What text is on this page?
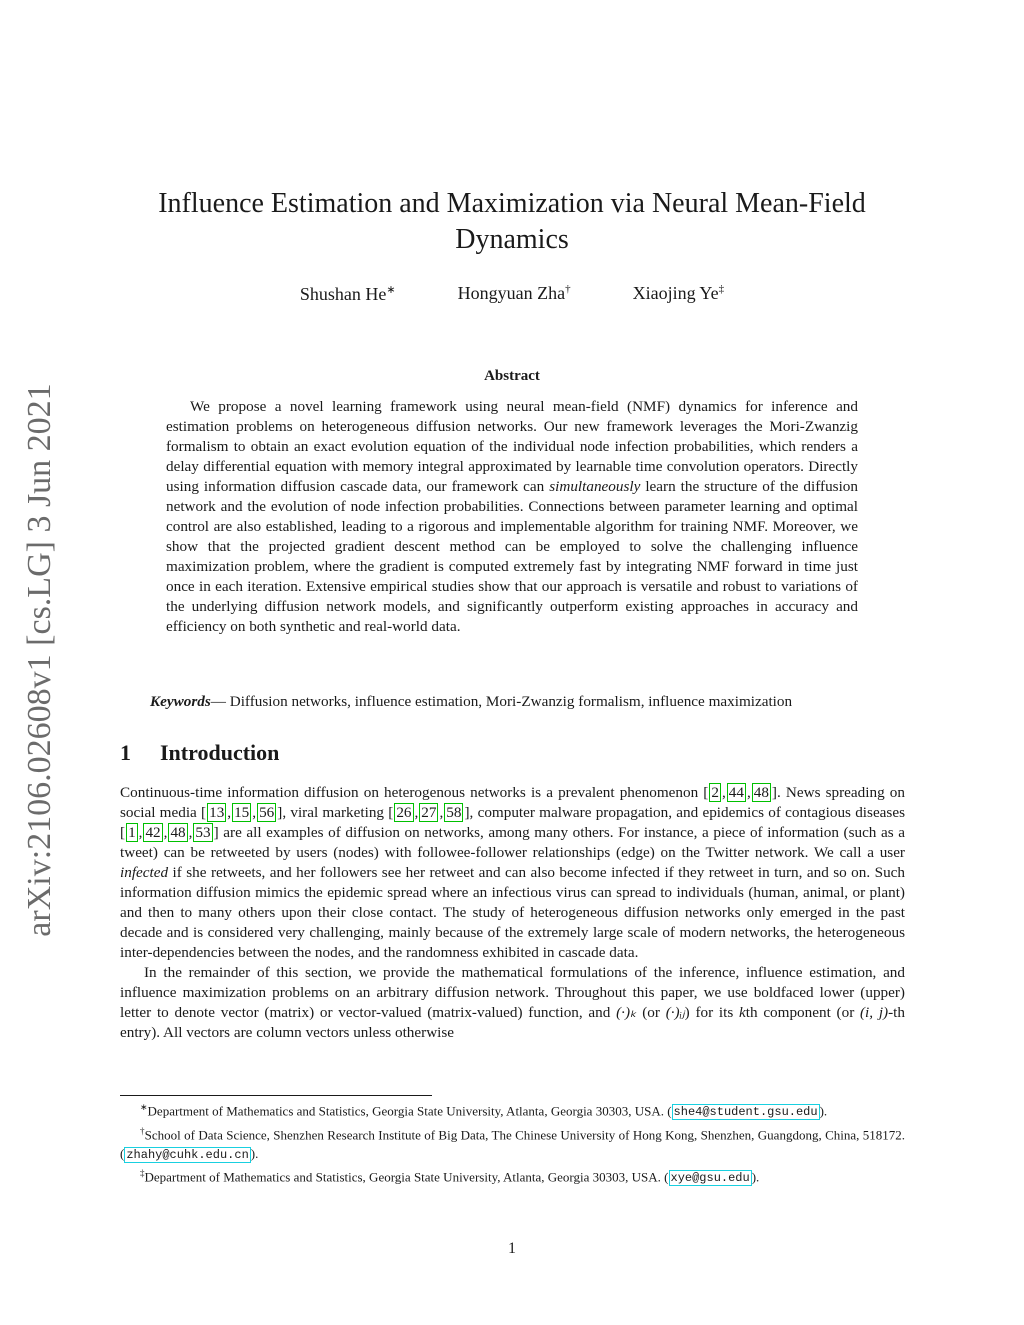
arXiv:2106.02608v1 [cs.LG] 3 Jun 2021
Influence Estimation and Maximization via Neural Mean-Field Dynamics
Shushan He∗	Hongyuan Zha†	Xiaojing Ye‡
Abstract
We propose a novel learning framework using neural mean-field (NMF) dynamics for inference and estimation problems on heterogeneous diffusion networks. Our new framework leverages the Mori-Zwanzig formalism to obtain an exact evolution equation of the individual node infection probabilities, which renders a delay differential equation with memory integral approximated by learnable time convolution operators. Directly using information diffusion cascade data, our framework can simultaneously learn the structure of the diffusion network and the evolution of node infection probabilities. Connections between parameter learning and optimal control are also established, leading to a rigorous and implementable algorithm for training NMF. Moreover, we show that the projected gradient descent method can be employed to solve the challenging influence maximization problem, where the gradient is computed extremely fast by integrating NMF forward in time just once in each iteration. Extensive empirical studies show that our approach is versatile and robust to variations of the underlying diffusion network models, and significantly outperform existing approaches in accuracy and efficiency on both synthetic and real-world data.
Keywords— Diffusion networks, influence estimation, Mori-Zwanzig formalism, influence maximization
1 Introduction

Continuous-time information diffusion on heterogenous networks is a prevalent phenomenon [ 2 , 44 , 48 ]. News spreading on social media [ 13 , 15 , 56 ], viral marketing [ 26 , 27 , 58 ], computer malware propagation, and epidemics of contagious diseases [ 1 , 42 , 48 , 53 ] are all examples of diffusion on networks, among many others. For instance, a piece of information (such as a tweet) can be retweeted by users (nodes) with followee-follower relationships (edge) on the Twitter network. We call a user infected if she retweets, and her followers see her retweet and can also become infected if they retweet in turn, and so on. Such information diffusion mimics the epidemic spread where an infectious virus can spread to individuals (human, animal, or plant) and then to many others upon their close contact. The study of heterogeneous diffusion networks only emerged in the past decade and is considered very challenging, mainly because of the extremely large scale of modern networks, the heterogeneous inter-dependencies between the nodes, and the randomness exhibited in cascade data.

In the remainder of this section, we provide the mathematical formulations of the inference, influence estimation, and influence maximization problems on an arbitrary diffusion network. Throughout this paper, we use boldfaced lower (upper) letter to denote vector (matrix) or vector-valued (matrix-valued) function, and (·)ₖ (or (·)ᵢⱼ) for its kth component (or (i, j)-th entry). All vectors are column vectors unless otherwise

∗Department of Mathematics and Statistics, Georgia State University, Atlanta, Georgia 30303, USA. ( she4@student.gsu.edu ).

†School of Data Science, Shenzhen Research Institute of Big Data, The Chinese University of Hong Kong, Shenzhen, Guangdong, China, 518172. ( zhahy@cuhk.edu.cn ).

‡Department of Mathematics and Statistics, Georgia State University, Atlanta, Georgia 30303, USA. ( xye@gsu.edu ).

1
